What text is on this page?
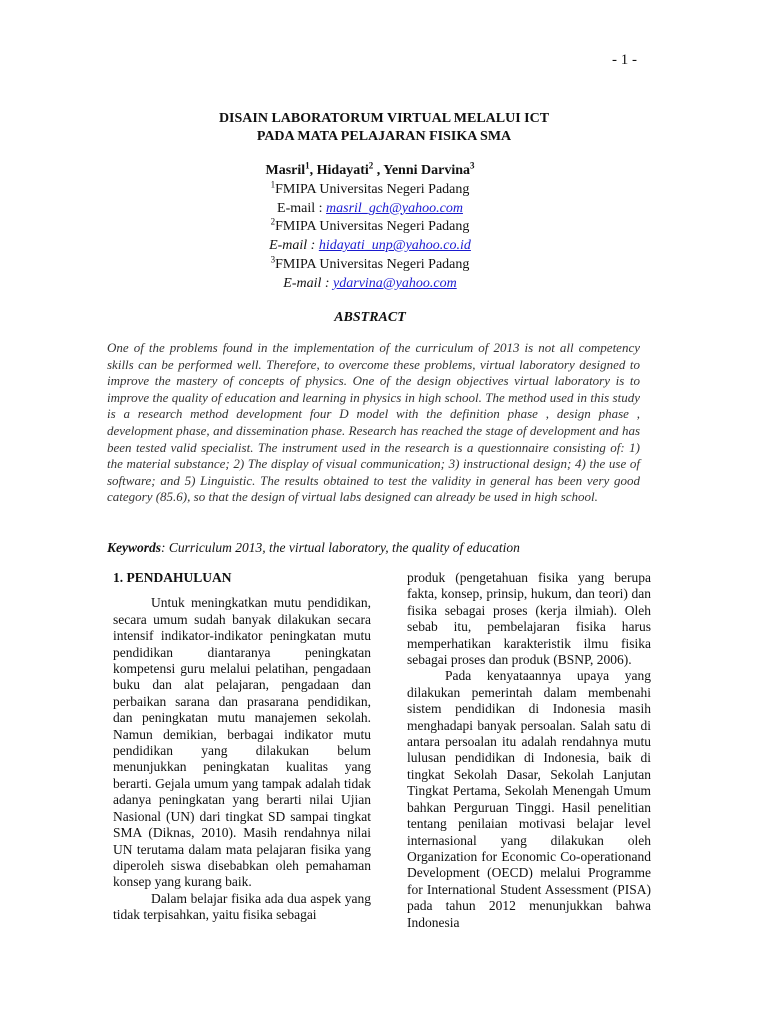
- 1 -
DISAIN LABORATORUM VIRTUAL MELALUI ICT
PADA MATA PELAJARAN FISIKA SMA
Masril$^1$, Hidayati$^2$ , Yenni Darvina$^3$
$^1$FMIPA Universitas Negeri Padang
E-mail : masril_gch@yahoo.com
$^2$FMIPA Universitas Negeri Padang
E-mail : hidayati_unp@yahoo.co.id
$^3$FMIPA Universitas Negeri Padang
E-mail : ydarvina@yahoo.com
ABSTRACT
One of the problems found in the implementation of the curriculum of 2013 is not all competency skills can be performed well. Therefore, to overcome these problems, virtual laboratory designed to improve the mastery of concepts of physics. One of the design objectives virtual laboratory is to improve the quality of education and learning in physics in high school. The method used in this study is a research method development four D model with the definition phase , design phase , development phase, and dissemination phase. Research has reached the stage of development and has been tested valid specialist. The instrument used in the research is a questionnaire consisting of: 1) the material substance; 2) The display of visual communication; 3) instructional design; 4) the use of software; and 5) Linguistic. The results obtained to test the validity in general has been very good category (85.6), so that the design of virtual labs designed can already be used in high school.
Keywords: Curriculum 2013, the virtual laboratory, the quality of education
1. PENDAHULUAN

Untuk meningkatkan mutu pendidikan, secara umum sudah banyak dilakukan secara intensif indikator-indikator peningkatan mutu pendidikan diantaranya peningkatan kompetensi guru melalui pelatihan, pengadaan buku dan alat pelajaran, pengadaan dan perbaikan sarana dan prasarana pendidikan, dan peningkatan mutu manajemen sekolah. Namun demikian, berbagai indikator mutu pendidikan yang dilakukan belum menunjukkan peningkatan kualitas yang berarti. Gejala umum yang tampak adalah tidak adanya peningkatan yang berarti nilai Ujian Nasional (UN) dari tingkat SD sampai tingkat SMA (Diknas, 2010). Masih rendahnya nilai UN terutama dalam mata pelajaran fisika yang diperoleh siswa disebabkan oleh pemahaman konsep yang kurang baik.

Dalam belajar fisika ada dua aspek yang tidak terpisahkan, yaitu fisika sebagai

produk (pengetahuan fisika yang berupa fakta, konsep, prinsip, hukum, dan teori) dan fisika sebagai proses (kerja ilmiah). Oleh sebab itu, pembelajaran fisika harus memperhatikan karakteristik ilmu fisika sebagai proses dan produk (BSNP, 2006).

Pada kenyataannya upaya yang dilakukan pemerintah dalam membenahi sistem pendidikan di Indonesia masih menghadapi banyak persoalan. Salah satu di antara persoalan itu adalah rendahnya mutu lulusan pendidikan di Indonesia, baik di tingkat Sekolah Dasar, Sekolah Lanjutan Tingkat Pertama, Sekolah Menengah Umum bahkan Perguruan Tinggi. Hasil penelitian tentang penilaian motivasi belajar level internasional yang dilakukan oleh Organization for Economic Co-operationand Development (OECD) melalui Programme for International Student Assessment (PISA) pada tahun 2012 menunjukkan bahwa Indonesia
